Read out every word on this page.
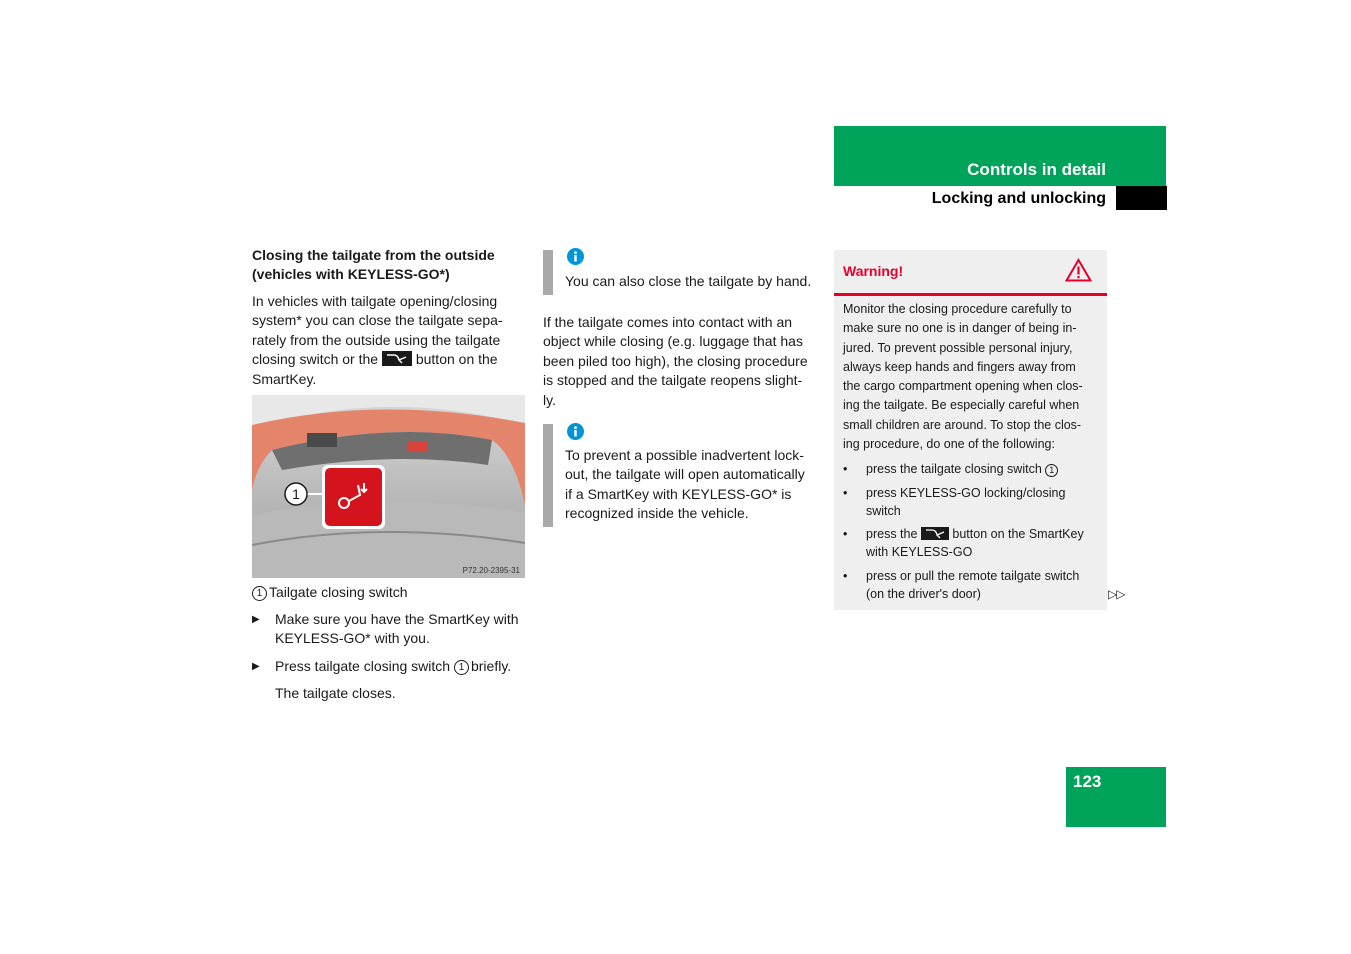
Controls in detail
Locking and unlocking
Closing the tailgate from the outside
(vehicles with KEYLESS-GO*)
In vehicles with tailgate opening/closing
system* you can close the tailgate sepa-
rately from the outside using the tailgate
closing switch or the	button on the
SmartKey.
1
P72.20-2395-31
1 Tailgate closing switch
▶ Make sure you have the SmartKey with
KEYLESS-GO* with you.
▶ Press tailgate closing switch 1 briefly.
The tailgate closes.
You can also close the tailgate by hand.
If the tailgate comes into contact with an
object while closing (e.g. luggage that has
been piled too high), the closing procedure
is stopped and the tailgate reopens slight-
ly.
To prevent a possible inadvertent lock-
out, the tailgate will open automatically
if a SmartKey with KEYLESS-GO* is
recognized inside the vehicle.
Warning!
Monitor the closing procedure carefully to
make sure no one is in danger of being in-
jured. To prevent possible personal injury,
always keep hands and fingers away from
the cargo compartment opening when clos-
ing the tailgate. Be especially careful when
small children are around. To stop the clos-
ing procedure, do one of the following:
• press the tailgate closing switch 1
• press KEYLESS-GO locking/closing
switch
• press the	button on the SmartKey
with KEYLESS-GO
• press or pull the remote tailgate switch
(on the driver's door)	▷▷
123
